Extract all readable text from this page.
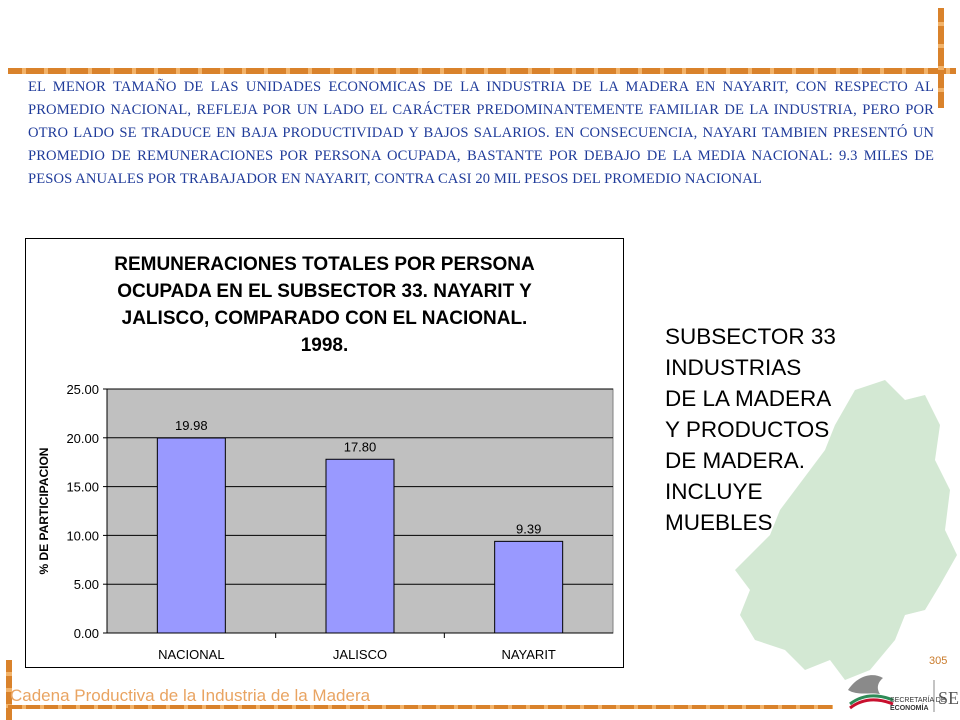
EL MENOR TAMAÑO DE LAS UNIDADES ECONOMICAS DE LA INDUSTRIA DE LA MADERA EN NAYARIT, CON RESPECTO AL PROMEDIO NACIONAL, REFLEJA POR UN LADO EL CARÁCTER PREDOMINANTEMENTE FAMILIAR DE LA INDUSTRIA, PERO POR OTRO LADO SE TRADUCE EN BAJA PRODUCTIVIDAD Y BAJOS SALARIOS. EN CONSECUENCIA, NAYARI TAMBIEN PRESENTÓ UN PROMEDIO DE REMUNERACIONES POR PERSONA OCUPADA, BASTANTE POR DEBAJO DE LA MEDIA NACIONAL: 9.3 MILES DE PESOS ANUALES POR TRABAJADOR EN NAYARIT, CONTRA CASI 20 MIL PESOS DEL PROMEDIO NACIONAL
REMUNERACIONES TOTALES POR PERSONA
OCUPADA EN EL SUBSECTOR 33. NAYARIT Y
JALISCO, COMPARADO CON EL NACIONAL.
1998.
0.00
5.00
10.00
15.00
20.00
25.00
19.98
NACIONAL
17.80
JALISCO
9.39
NAYARIT
% DE PARTICIPACION
SUBSECTOR 33
INDUSTRIAS
DE LA MADERA
Y PRODUCTOS
DE MADERA.
INCLUYE
MUEBLES
305
Cadena Productiva de la Industria de la Madera	SECRETARÍA DE
ECONOMÍA
SE
